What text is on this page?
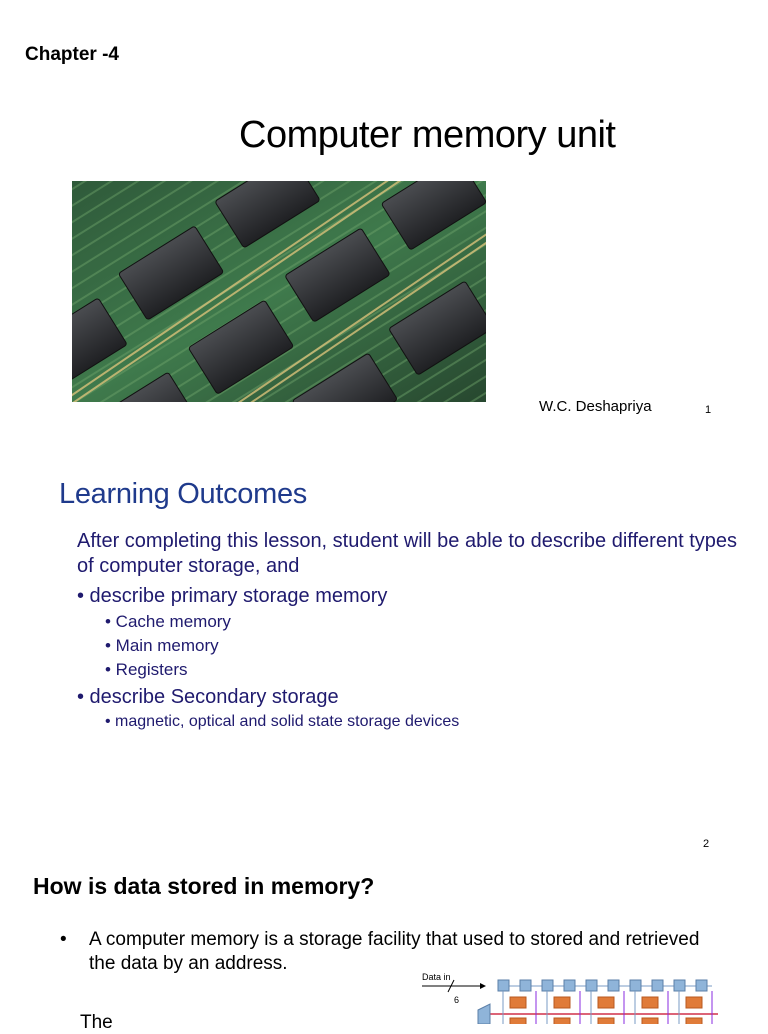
Chapter -4
Computer memory unit
W.C. Deshapriya	1
Learning Outcomes
After completing this lesson, student will be able to describe different types of computer storage, and
• describe primary storage memory
• Cache memory
• Main memory
• Registers
• describe Secondary storage
• magnetic, optical and solid state storage devices
2
How is data stored in memory?
• A computer memory is a storage facility that used to stored and retrieved the data by an address.
The
Data in
6
